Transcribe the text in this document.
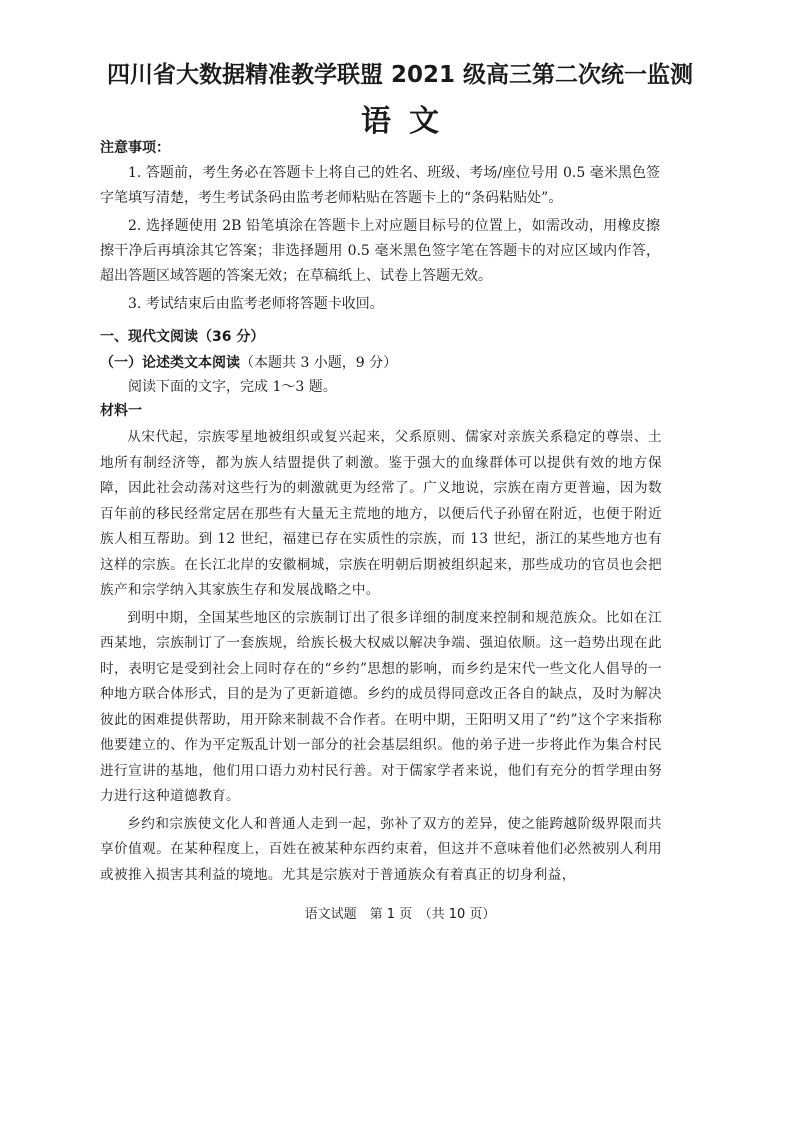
四川省大数据精准教学联盟 2021 级高三第二次统一监测
语文
注意事项：

1. 答题前，考生务必在答题卡上将自己的姓名、班级、考场/座位号用 0.5 毫米黑色签字笔填写清楚，考生考试条码由监考老师粘贴在答题卡上的“条码粘贴处”。

2. 选择题使用 2B 铅笔填涂在答题卡上对应题目标号的位置上，如需改动，用橡皮擦擦干净后再填涂其它答案；非选择题用 0.5 毫米黑色签字笔在答题卡的对应区域内作答，超出答题区域答题的答案无效；在草稿纸上、试卷上答题无效。

3. 考试结束后由监考老师将答题卡收回。

一、现代文阅读（36 分）
（一）论述类文本阅读（本题共 3 小题，9 分）
阅读下面的文字，完成 1～3 题。
材料一

从宋代起，宗族零星地被组织或复兴起来，父系原则、儒家对亲族关系稳定的尊崇、土地所有制经济等，都为族人结盟提供了刺激。鉴于强大的血缘群体可以提供有效的地方保障，因此社会动荡对这些行为的刺激就更为经常了。广义地说，宗族在南方更普遍，因为数百年前的移民经常定居在那些有大量无主荒地的地方，以便后代子孙留在附近，也便于附近族人相互帮助。到 12 世纪，福建已存在实质性的宗族，而 13 世纪，浙江的某些地方也有这样的宗族。在长江北岸的安徽桐城，宗族在明朝后期被组织起来，那些成功的官员也会把族产和宗学纳入其家族生存和发展战略之中。

到明中期，全国某些地区的宗族制订出了很多详细的制度来控制和规范族众。比如在江西某地，宗族制订了一套族规，给族长极大权威以解决争端、强迫依顺。这一趋势出现在此时，表明它是受到社会上同时存在的“乡约”思想的影响，而乡约是宋代一些文化人倡导的一种地方联合体形式，目的是为了更新道德。乡约的成员得同意改正各自的缺点，及时为解决彼此的困难提供帮助，用开除来制裁不合作者。在明中期，王阳明又用了“约”这个字来指称他要建立的、作为平定叛乱计划一部分的社会基层组织。他的弟子进一步将此作为集合村民进行宣讲的基地，他们用口语力劝村民行善。对于儒家学者来说，他们有充分的哲学理由努力进行这种道德教育。

乡约和宗族使文化人和普通人走到一起，弥补了双方的差异，使之能跨越阶级界限而共享价值观。在某种程度上，百姓在被某种东西约束着，但这并不意味着他们必然被别人利用或被推入损害其利益的境地。尤其是宗族对于普通族众有着真正的切身利益，

语文试题　第 1 页　（共 10 页）
